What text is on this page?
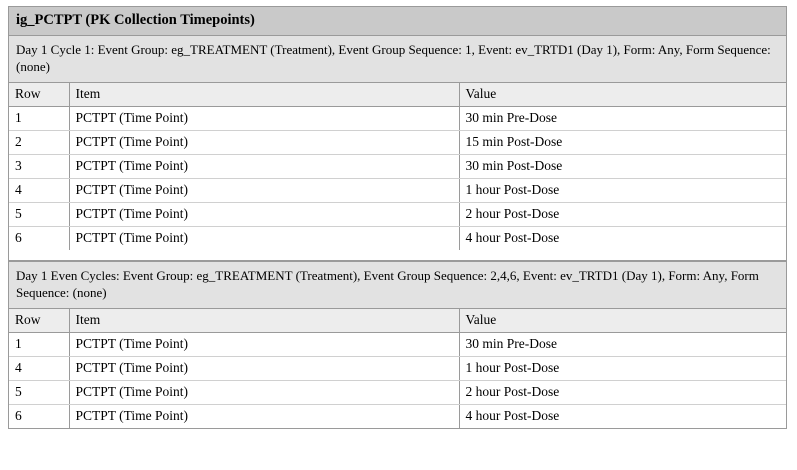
ig_PCTPT (PK Collection Timepoints)
Day 1 Cycle 1: Event Group: eg_TREATMENT (Treatment), Event Group Sequence: 1, Event: ev_TRTD1 (Day 1), Form: Any, Form Sequence: (none)
Row	Item	Value
1	PCTPT (Time Point)	30 min Pre-Dose
2	PCTPT (Time Point)	15 min Post-Dose
3	PCTPT (Time Point)	30 min Post-Dose
4	PCTPT (Time Point)	1 hour Post-Dose
5	PCTPT (Time Point)	2 hour Post-Dose
6	PCTPT (Time Point)	4 hour Post-Dose
Day 1 Even Cycles: Event Group: eg_TREATMENT (Treatment), Event Group Sequence: 2,4,6, Event: ev_TRTD1 (Day 1), Form: Any, Form Sequence: (none)
Row	Item	Value
1	PCTPT (Time Point)	30 min Pre-Dose
4	PCTPT (Time Point)	1 hour Post-Dose
5	PCTPT (Time Point)	2 hour Post-Dose
6	PCTPT (Time Point)	4 hour Post-Dose
